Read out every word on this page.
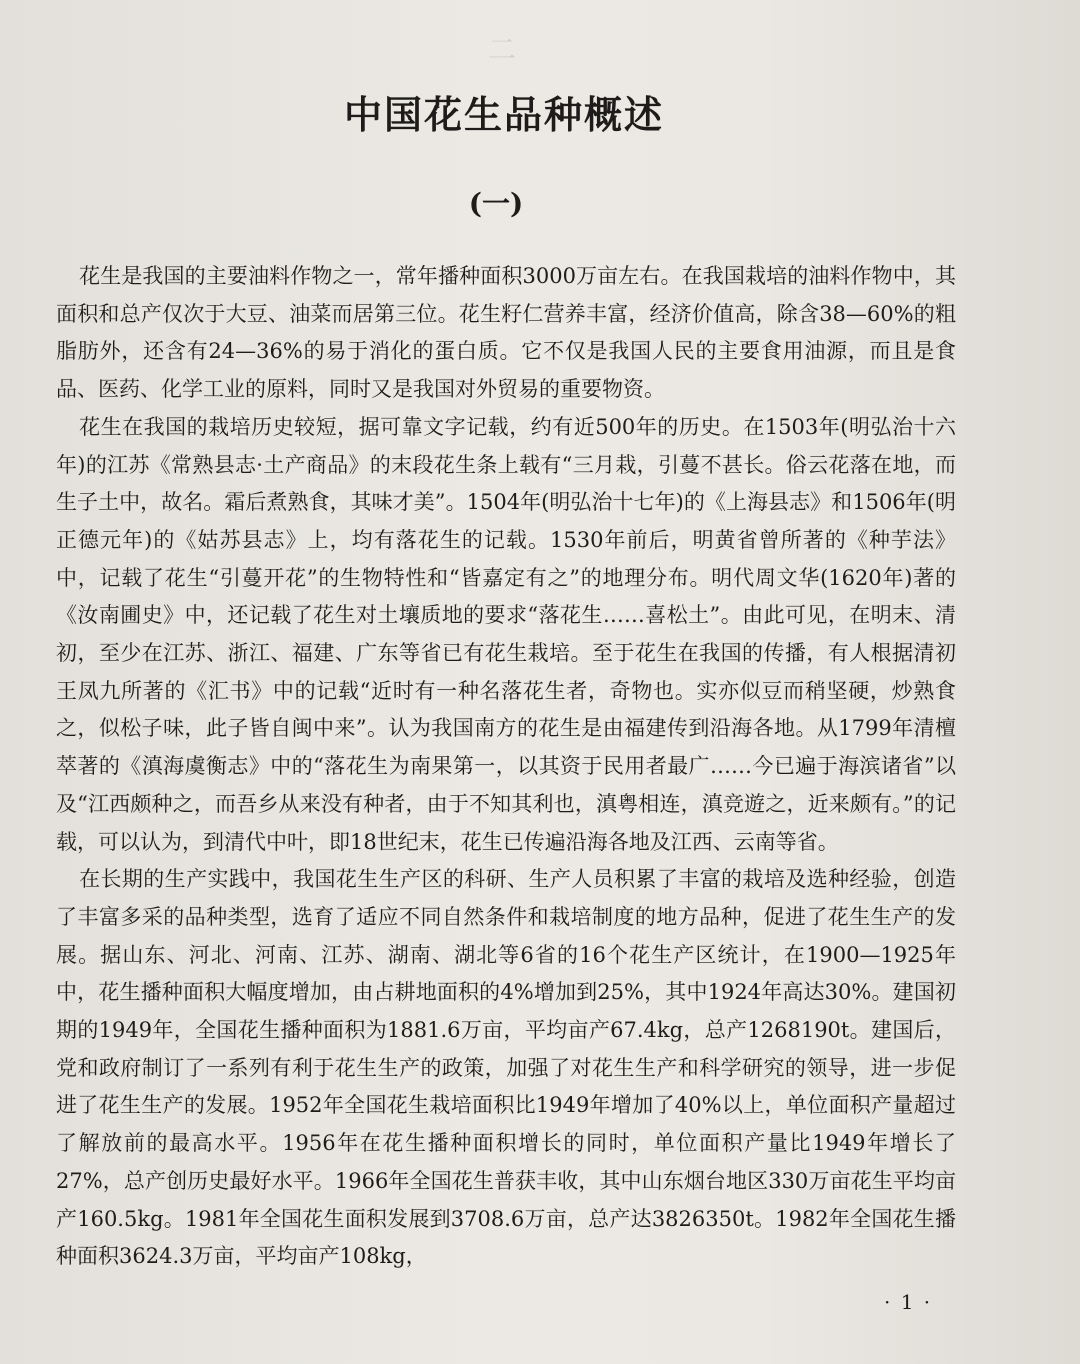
二
中国花生品种概述
(一)

花生是我国的主要油料作物之一，常年播种面积3000万亩左右。在我国栽培的油料作物中，其面积和总产仅次于大豆、油菜而居第三位。花生籽仁营养丰富，经济价值高，除含38—60%的粗脂肪外，还含有24—36%的易于消化的蛋白质。它不仅是我国人民的主要食用油源，而且是食品、医药、化学工业的原料，同时又是我国对外贸易的重要物资。

花生在我国的栽培历史较短，据可靠文字记载，约有近500年的历史。在1503年(明弘治十六年)的江苏《常熟县志·土产商品》的末段花生条上载有“三月栽，引蔓不甚长。俗云花落在地，而生子土中，故名。霜后煮熟食，其味才美”。1504年(明弘治十七年)的《上海县志》和1506年(明正德元年)的《姑苏县志》上，均有落花生的记载。1530年前后，明黄省曾所著的《种芋法》中，记载了花生“引蔓开花”的生物特性和“皆嘉定有之”的地理分布。明代周文华(1620年)著的《汝南圃史》中，还记载了花生对土壤质地的要求“落花生……喜松土”。由此可见，在明末、清初，至少在江苏、浙江、福建、广东等省已有花生栽培。至于花生在我国的传播，有人根据清初王凤九所著的《汇书》中的记载“近时有一种名落花生者，奇物也。实亦似豆而稍坚硬，炒熟食之，似松子味，此子皆自闽中来”。认为我国南方的花生是由福建传到沿海各地。从1799年清檀萃著的《滇海虞衡志》中的“落花生为南果第一，以其资于民用者最广……今已遍于海滨诸省”以及“江西颇种之，而吾乡从来没有种者，由于不知其利也，滇粤相连，滇竞遊之，近来颇有。”的记载，可以认为，到清代中叶，即18世纪末，花生已传遍沿海各地及江西、云南等省。

在长期的生产实践中，我国花生生产区的科研、生产人员积累了丰富的栽培及选种经验，创造了丰富多采的品种类型，选育了适应不同自然条件和栽培制度的地方品种，促进了花生生产的发展。据山东、河北、河南、江苏、湖南、湖北等6省的16个花生产区统计，在1900—1925年中，花生播种面积大幅度增加，由占耕地面积的4%增加到25%，其中1924年高达30%。建国初期的1949年，全国花生播种面积为1881.6万亩，平均亩产67.4kg，总产1268190t。建国后，党和政府制订了一系列有利于花生生产的政策，加强了对花生生产和科学研究的领导，进一步促进了花生生产的发展。1952年全国花生栽培面积比1949年增加了40%以上，单位面积产量超过了解放前的最高水平。1956年在花生播种面积增长的同时，单位面积产量比1949年增长了27%，总产创历史最好水平。1966年全国花生普获丰收，其中山东烟台地区330万亩花生平均亩产160.5kg。1981年全国花生面积发展到3708.6万亩，总产达3826350t。1982年全国花生播种面积3624.3万亩，平均亩产108kg，

· 1 ·
